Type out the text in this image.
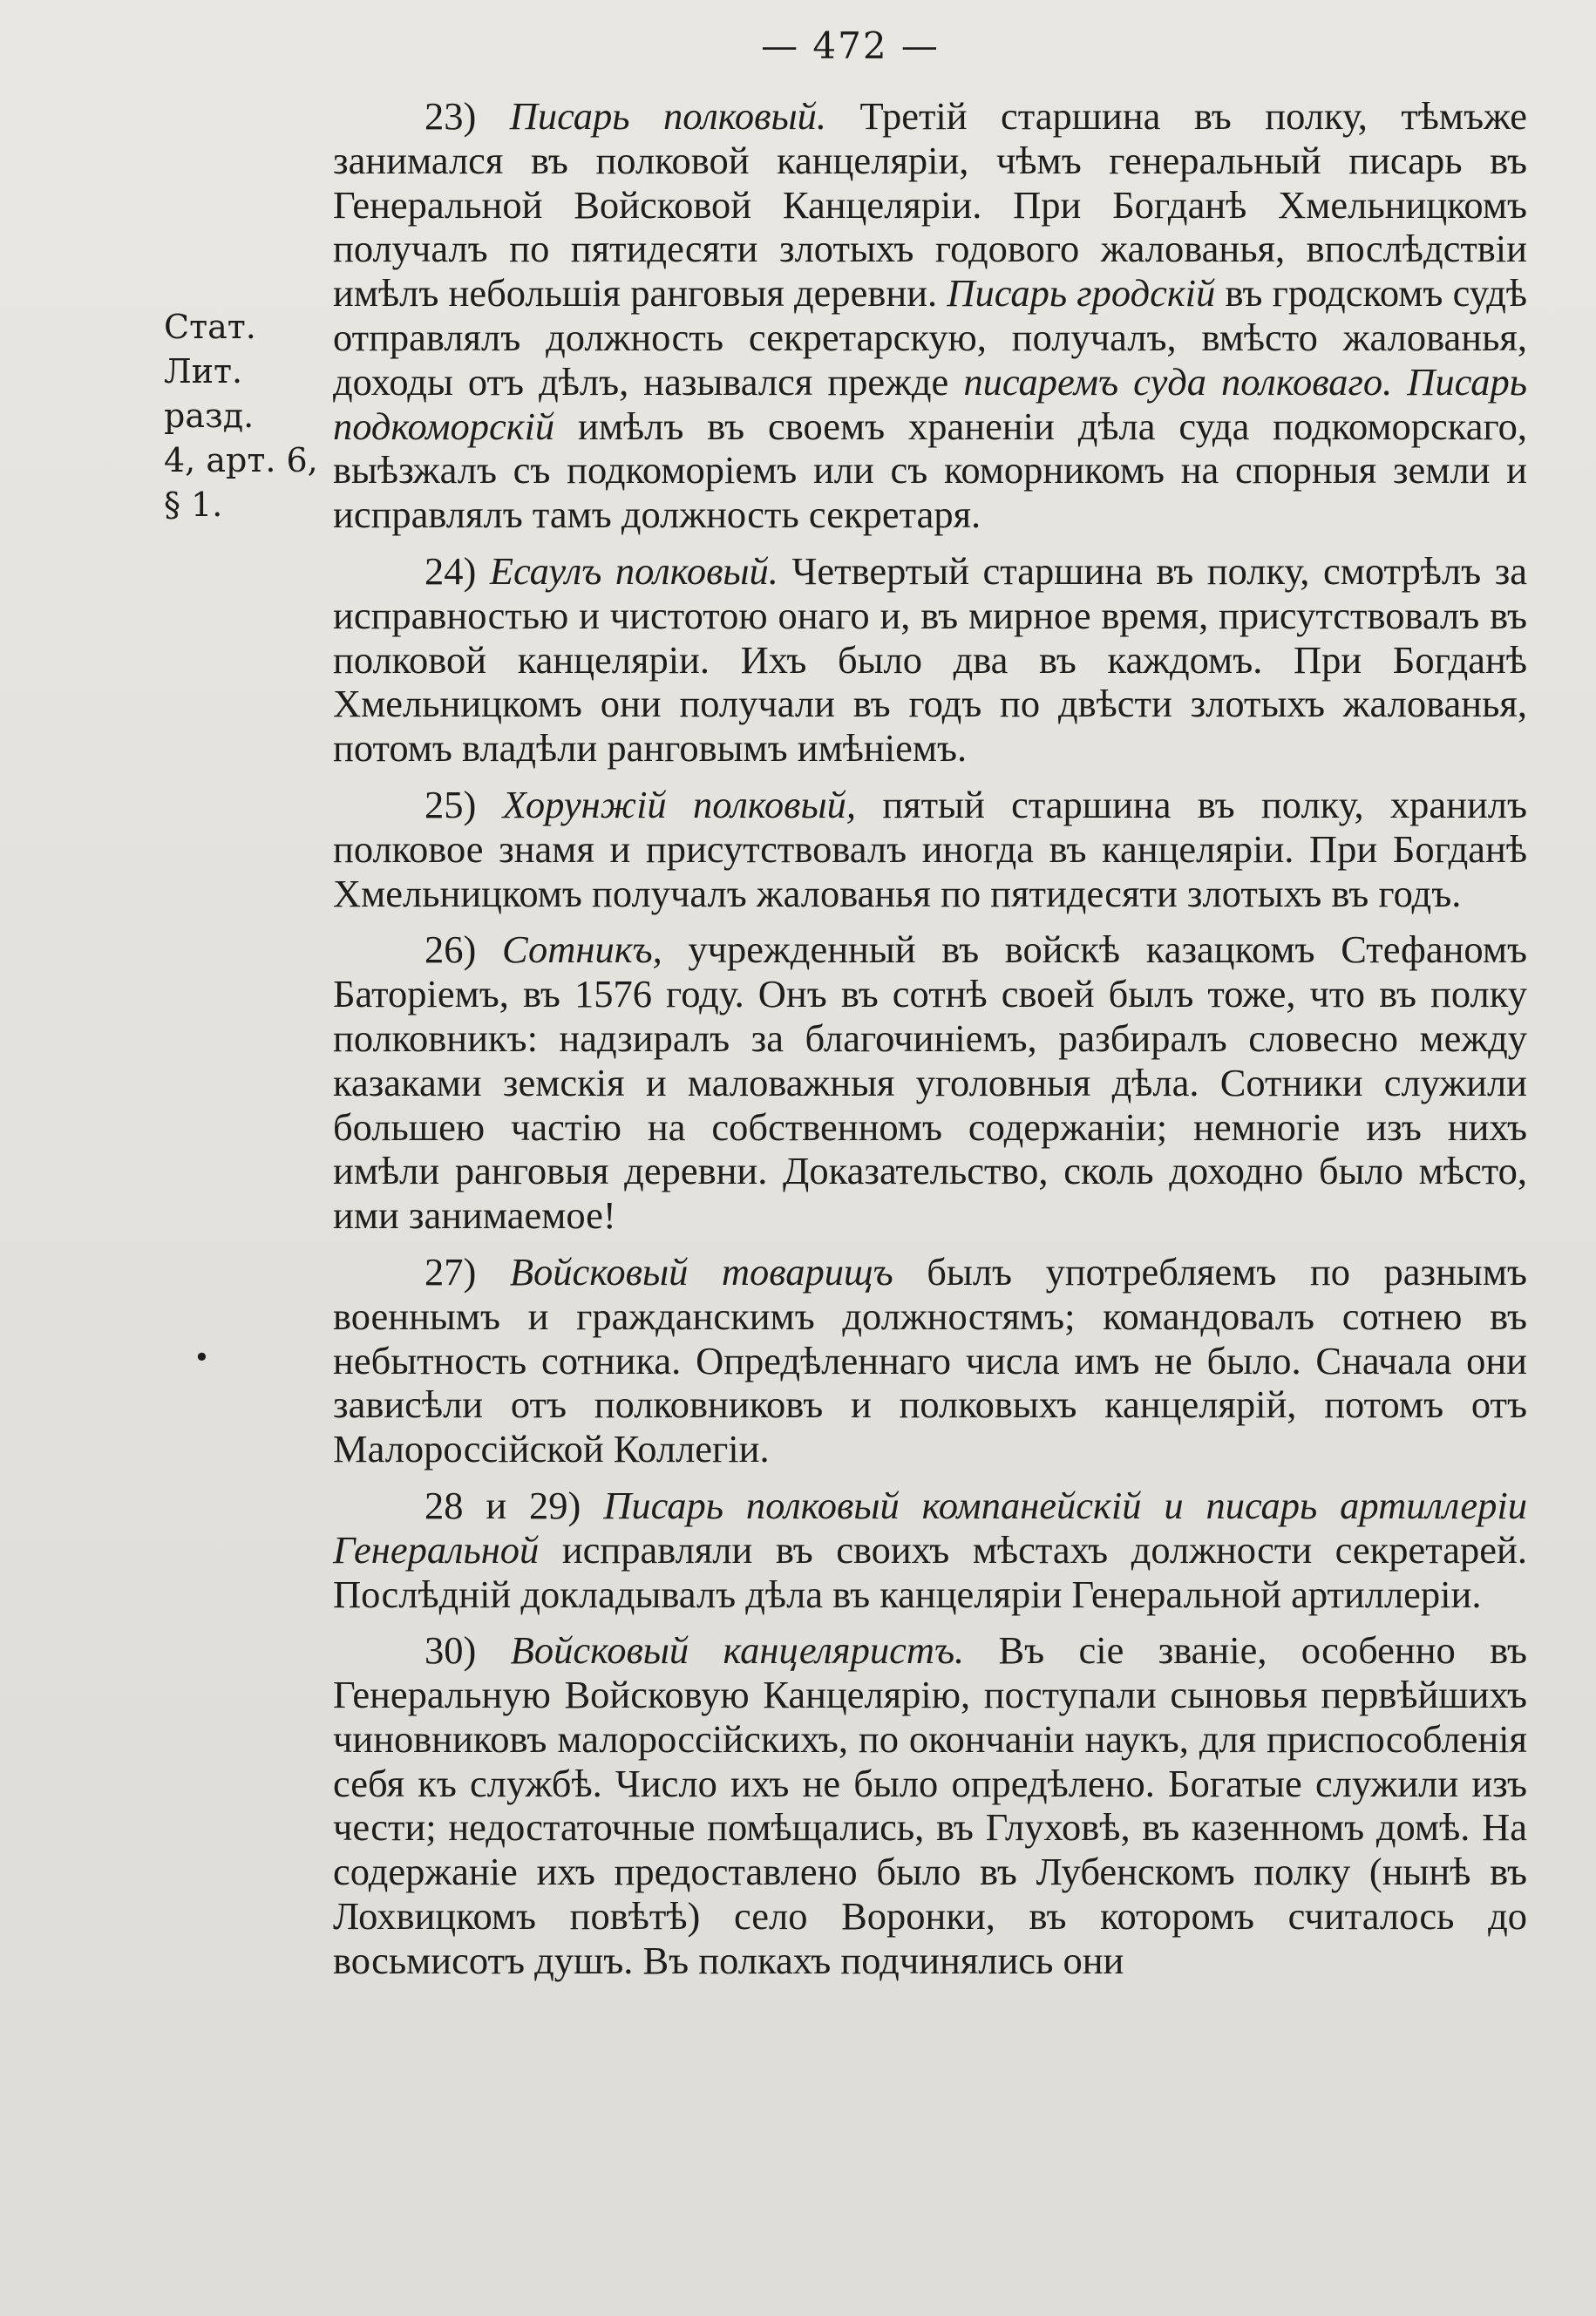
— 472 —
Стат.
Лит.
разд.
4, арт. 6,
§ 1.
•

23) Писарь полковый. Третій старшина въ полку, тѣмъже занимался въ полковой канцеляріи, чѣмъ генеральный писарь въ Генеральной Войсковой Канцеляріи. При Богданѣ Хмельницкомъ получалъ по пятидесяти злотыхъ годового жалованья, впослѣдствіи имѣлъ небольшія ранговыя деревни. Писарь гродскій въ гродскомъ судѣ отправлялъ должность секретарскую, получалъ, вмѣсто жалованья, доходы отъ дѣлъ, назывался прежде писаремъ суда полковаго. Писарь подкоморскій имѣлъ въ своемъ храненіи дѣла суда подкоморскаго, выѣзжалъ съ подкоморіемъ или съ коморникомъ на спорныя земли и исправлялъ тамъ должность секретаря.

24) Есаулъ полковый. Четвертый старшина въ полку, смотрѣлъ за исправностью и чистотою онаго и, въ мирное время, присутствовалъ въ полковой канцеляріи. Ихъ было два въ каждомъ. При Богданѣ Хмельницкомъ они получали въ годъ по двѣсти злотыхъ жалованья, потомъ владѣли ранговымъ имѣніемъ.

25) Хорунжій полковый, пятый старшина въ полку, хранилъ полковое знамя и присутствовалъ иногда въ канцеляріи. При Богданѣ Хмельницкомъ получалъ жалованья по пятидесяти злотыхъ въ годъ.

26) Сотникъ, учрежденный въ войскѣ казацкомъ Стефаномъ Баторіемъ, въ 1576 году. Онъ въ сотнѣ своей былъ тоже, что въ полку полковникъ: надзиралъ за благочиніемъ, разбиралъ словесно между казаками земскія и маловажныя уголовныя дѣла. Сотники служили большею частію на собственномъ содержаніи; немногіе изъ нихъ имѣли ранговыя деревни. Доказательство, сколь доходно было мѣсто, ими занимаемое!

27) Войсковый товарищъ былъ употребляемъ по разнымъ военнымъ и гражданскимъ должностямъ; командовалъ сотнею въ небытность сотника. Опредѣленнаго числа имъ не было. Сначала они зависѣли отъ полковниковъ и полковыхъ канцелярій, потомъ отъ Малороссійской Коллегіи.

28 и 29) Писарь полковый компанейскій и писарь артиллеріи Генеральной исправляли въ своихъ мѣстахъ должности секретарей. Послѣдній докладывалъ дѣла въ канцеляріи Генеральной артиллеріи.

30) Войсковый канцеляристъ. Въ сіе званіе, особенно въ Генеральную Войсковую Канцелярію, поступали сыновья первѣйшихъ чиновниковъ малороссійскихъ, по окончаніи наукъ, для приспособленія себя къ службѣ. Число ихъ не было опредѣлено. Богатые служили изъ чести; недостаточные помѣщались, въ Глуховѣ, въ казенномъ домѣ. На содержаніе ихъ предоставлено было въ Лубенскомъ полку (нынѣ въ Лохвицкомъ повѣтѣ) село Воронки, въ которомъ считалось до восьмисотъ душъ. Въ полкахъ подчинялись они
